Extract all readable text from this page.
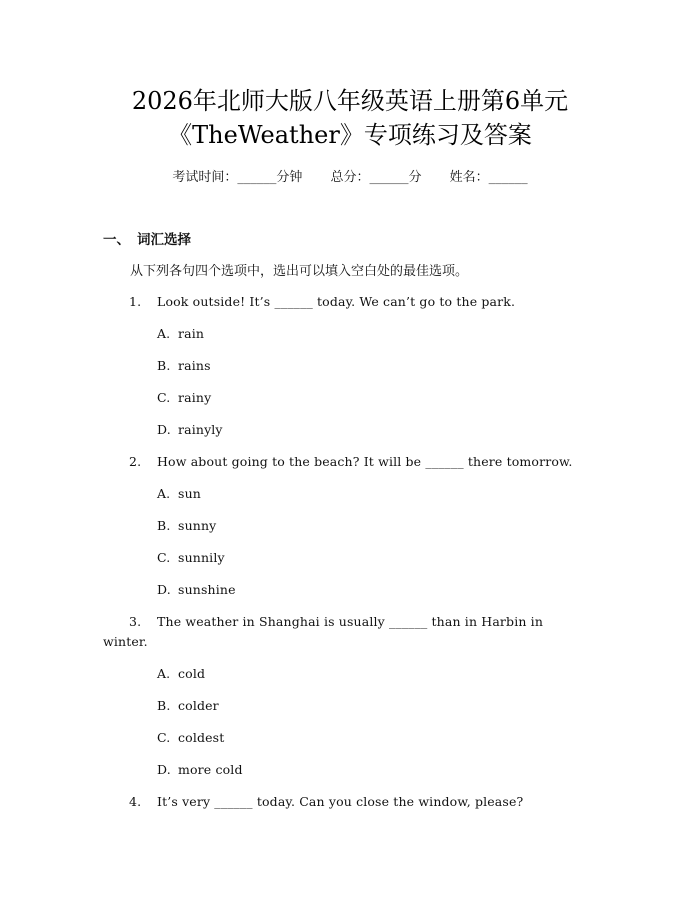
2026年北师大版八年级英语上册第6单元
《TheWeather》专项练习及答案
考试时间：______分钟 总分：______分 姓名：______
一、 词汇选择
从下列各句四个选项中，选出可以填入空白处的最佳选项。
1. Look outside! It’s ______ today. We can’t go to the park.
A. rain
B. rains
C. rainy
D. rainyly
2. How about going to the beach? It will be ______ there tomorrow.
A. sun
B. sunny
C. sunnily
D. sunshine
3. The weather in Shanghai is usually ______ than in Harbin in winter.
A. cold
B. colder
C. coldest
D. more cold
4. It’s very ______ today. Can you close the window, please?
